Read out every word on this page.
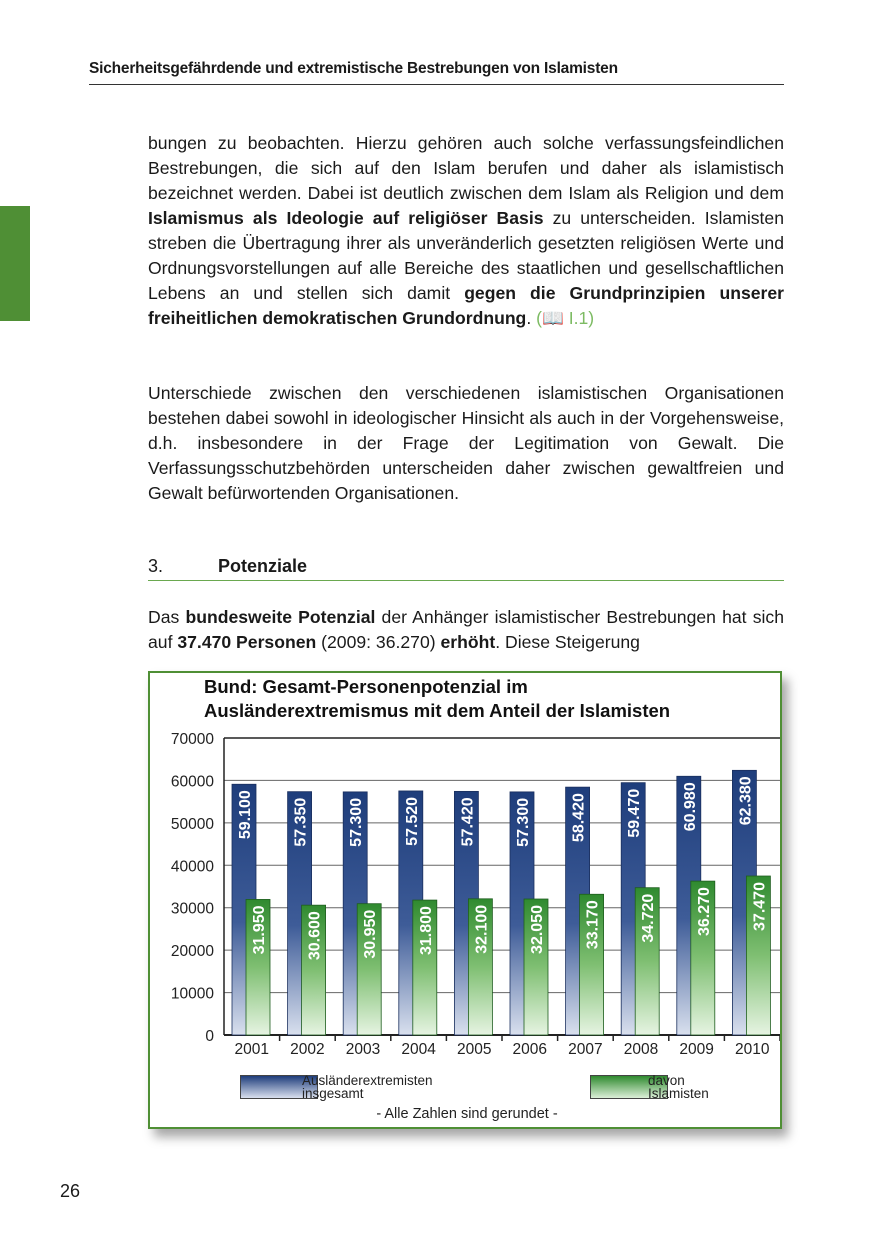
Sicherheitsgefährdende und extremistische Bestrebungen von Islamisten
bungen zu beobachten. Hierzu gehören auch solche verfassungsfeindlichen Bestrebungen, die sich auf den Islam berufen und daher als islamistisch bezeichnet werden. Dabei ist deutlich zwischen dem Islam als Religion und dem Islamismus als Ideologie auf religiöser Basis zu unterscheiden. Islamisten streben die Übertragung ihrer als unveränderlich gesetzten religiösen Werte und Ordnungsvorstellungen auf alle Bereiche des staatlichen und gesellschaftlichen Lebens an und stellen sich damit gegen die Grundprinzipien unserer freiheitlichen demokratischen Grundordnung. (📖 I.1)
Unterschiede zwischen den verschiedenen islamistischen Organisationen bestehen dabei sowohl in ideologischer Hinsicht als auch in der Vorgehensweise, d.h. insbesondere in der Frage der Legitimation von Gewalt. Die Verfassungsschutzbehörden unterscheiden daher zwischen gewaltfreien und Gewalt befürwortenden Organisationen.
3.	Potenziale
Das bundesweite Potenzial der Anhänger islamistischer Bestrebungen hat sich auf 37.470 Personen (2009: 36.270) erhöht. Diese Steigerung
Bund: Gesamt-Personenpotenzial im
Ausländerextremismus mit dem Anteil der Islamisten
70000
60000
50000
40000
30000
20000
10000
0
59.100
31.950
2001
57.350
30.600
2002
57.300
30.950
2003
57.520
31.800
2004
57.420
32.100
2005
57.300
32.050
2006
58.420
33.170
2007
59.470
34.720
2008
60.980
36.270
2009
62.380
37.470
2010
Ausländerextremisten
insgesamt
davon
Islamisten
- Alle Zahlen sind gerundet -
26
